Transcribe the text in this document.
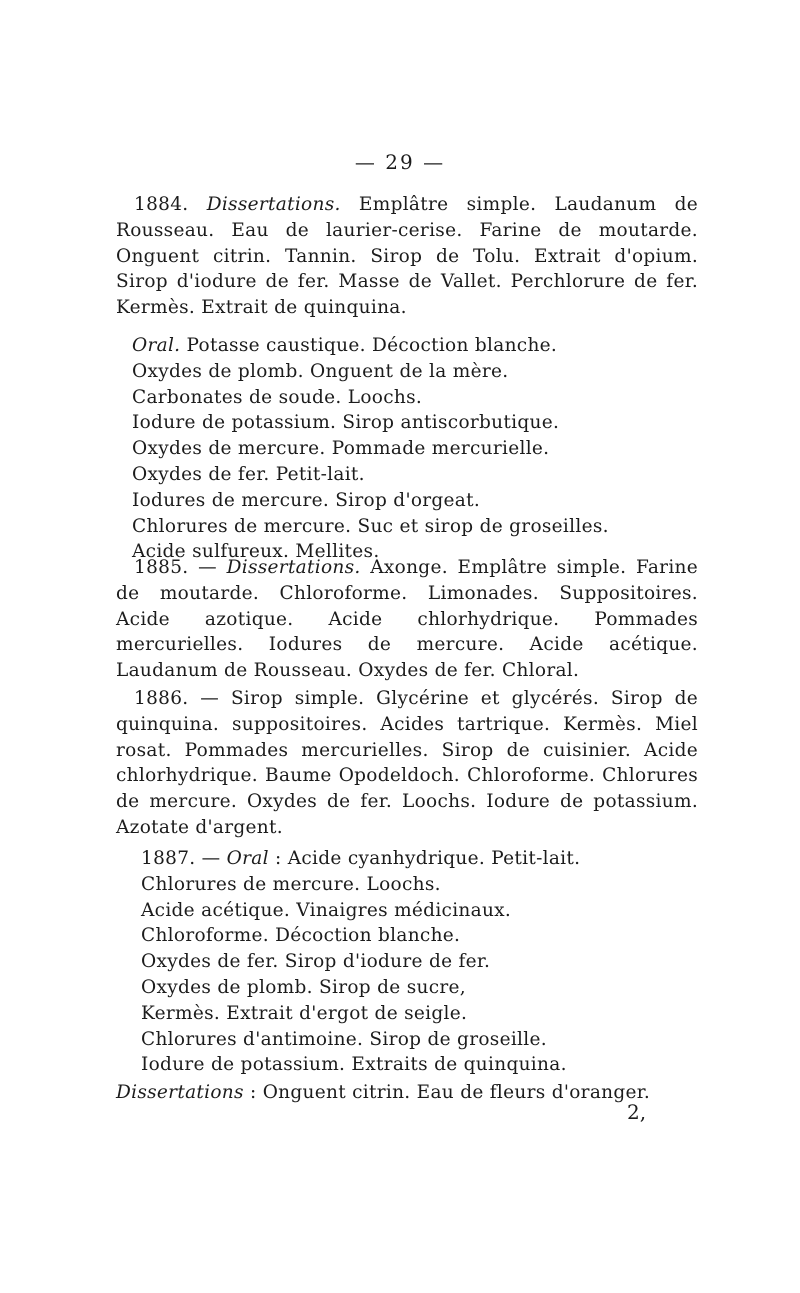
— 29 —

1884. Dissertations. Emplâtre simple. Laudanum de Rousseau. Eau de laurier-cerise. Farine de moutarde. Onguent citrin. Tannin. Sirop de Tolu. Extrait d'opium. Sirop d'iodure de fer. Masse de Vallet. Perchlorure de fer. Kermès. Extrait de quinquina.

Oral. Potasse caustique. Décoction blanche.
Oxydes de plomb. Onguent de la mère.
Carbonates de soude. Loochs.
Iodure de potassium. Sirop antiscorbutique.
Oxydes de mercure. Pommade mercurielle.
Oxydes de fer. Petit-lait.
Iodures de mercure. Sirop d'orgeat.
Chlorures de mercure. Suc et sirop de groseilles.
Acide sulfureux. Mellites.

1885. — Dissertations. Axonge. Emplâtre simple. Farine de moutarde. Chloroforme. Limonades. Suppositoires. Acide azotique. Acide chlorhydrique. Pommades mercurielles. Iodures de mercure. Acide acétique. Laudanum de Rousseau. Oxydes de fer. Chloral.

1886. — Sirop simple. Glycérine et glycérés. Sirop de quinquina. suppositoires. Acides tartrique. Kermès. Miel rosat. Pommades mercurielles. Sirop de cuisinier. Acide chlorhydrique. Baume Opodeldoch. Chloroforme. Chlorures de mercure. Oxydes de fer. Loochs. Iodure de potassium. Azotate d'argent.

1887. — Oral : Acide cyanhydrique. Petit-lait.
Chlorures de mercure. Loochs.
Acide acétique. Vinaigres médicinaux.
Chloroforme. Décoction blanche.
Oxydes de fer. Sirop d'iodure de fer.
Oxydes de plomb. Sirop de sucre,
Kermès. Extrait d'ergot de seigle.
Chlorures d'antimoine. Sirop de groseille.
Iodure de potassium. Extraits de quinquina.
Dissertations : Onguent citrin. Eau de fleurs d'oranger.
2,
